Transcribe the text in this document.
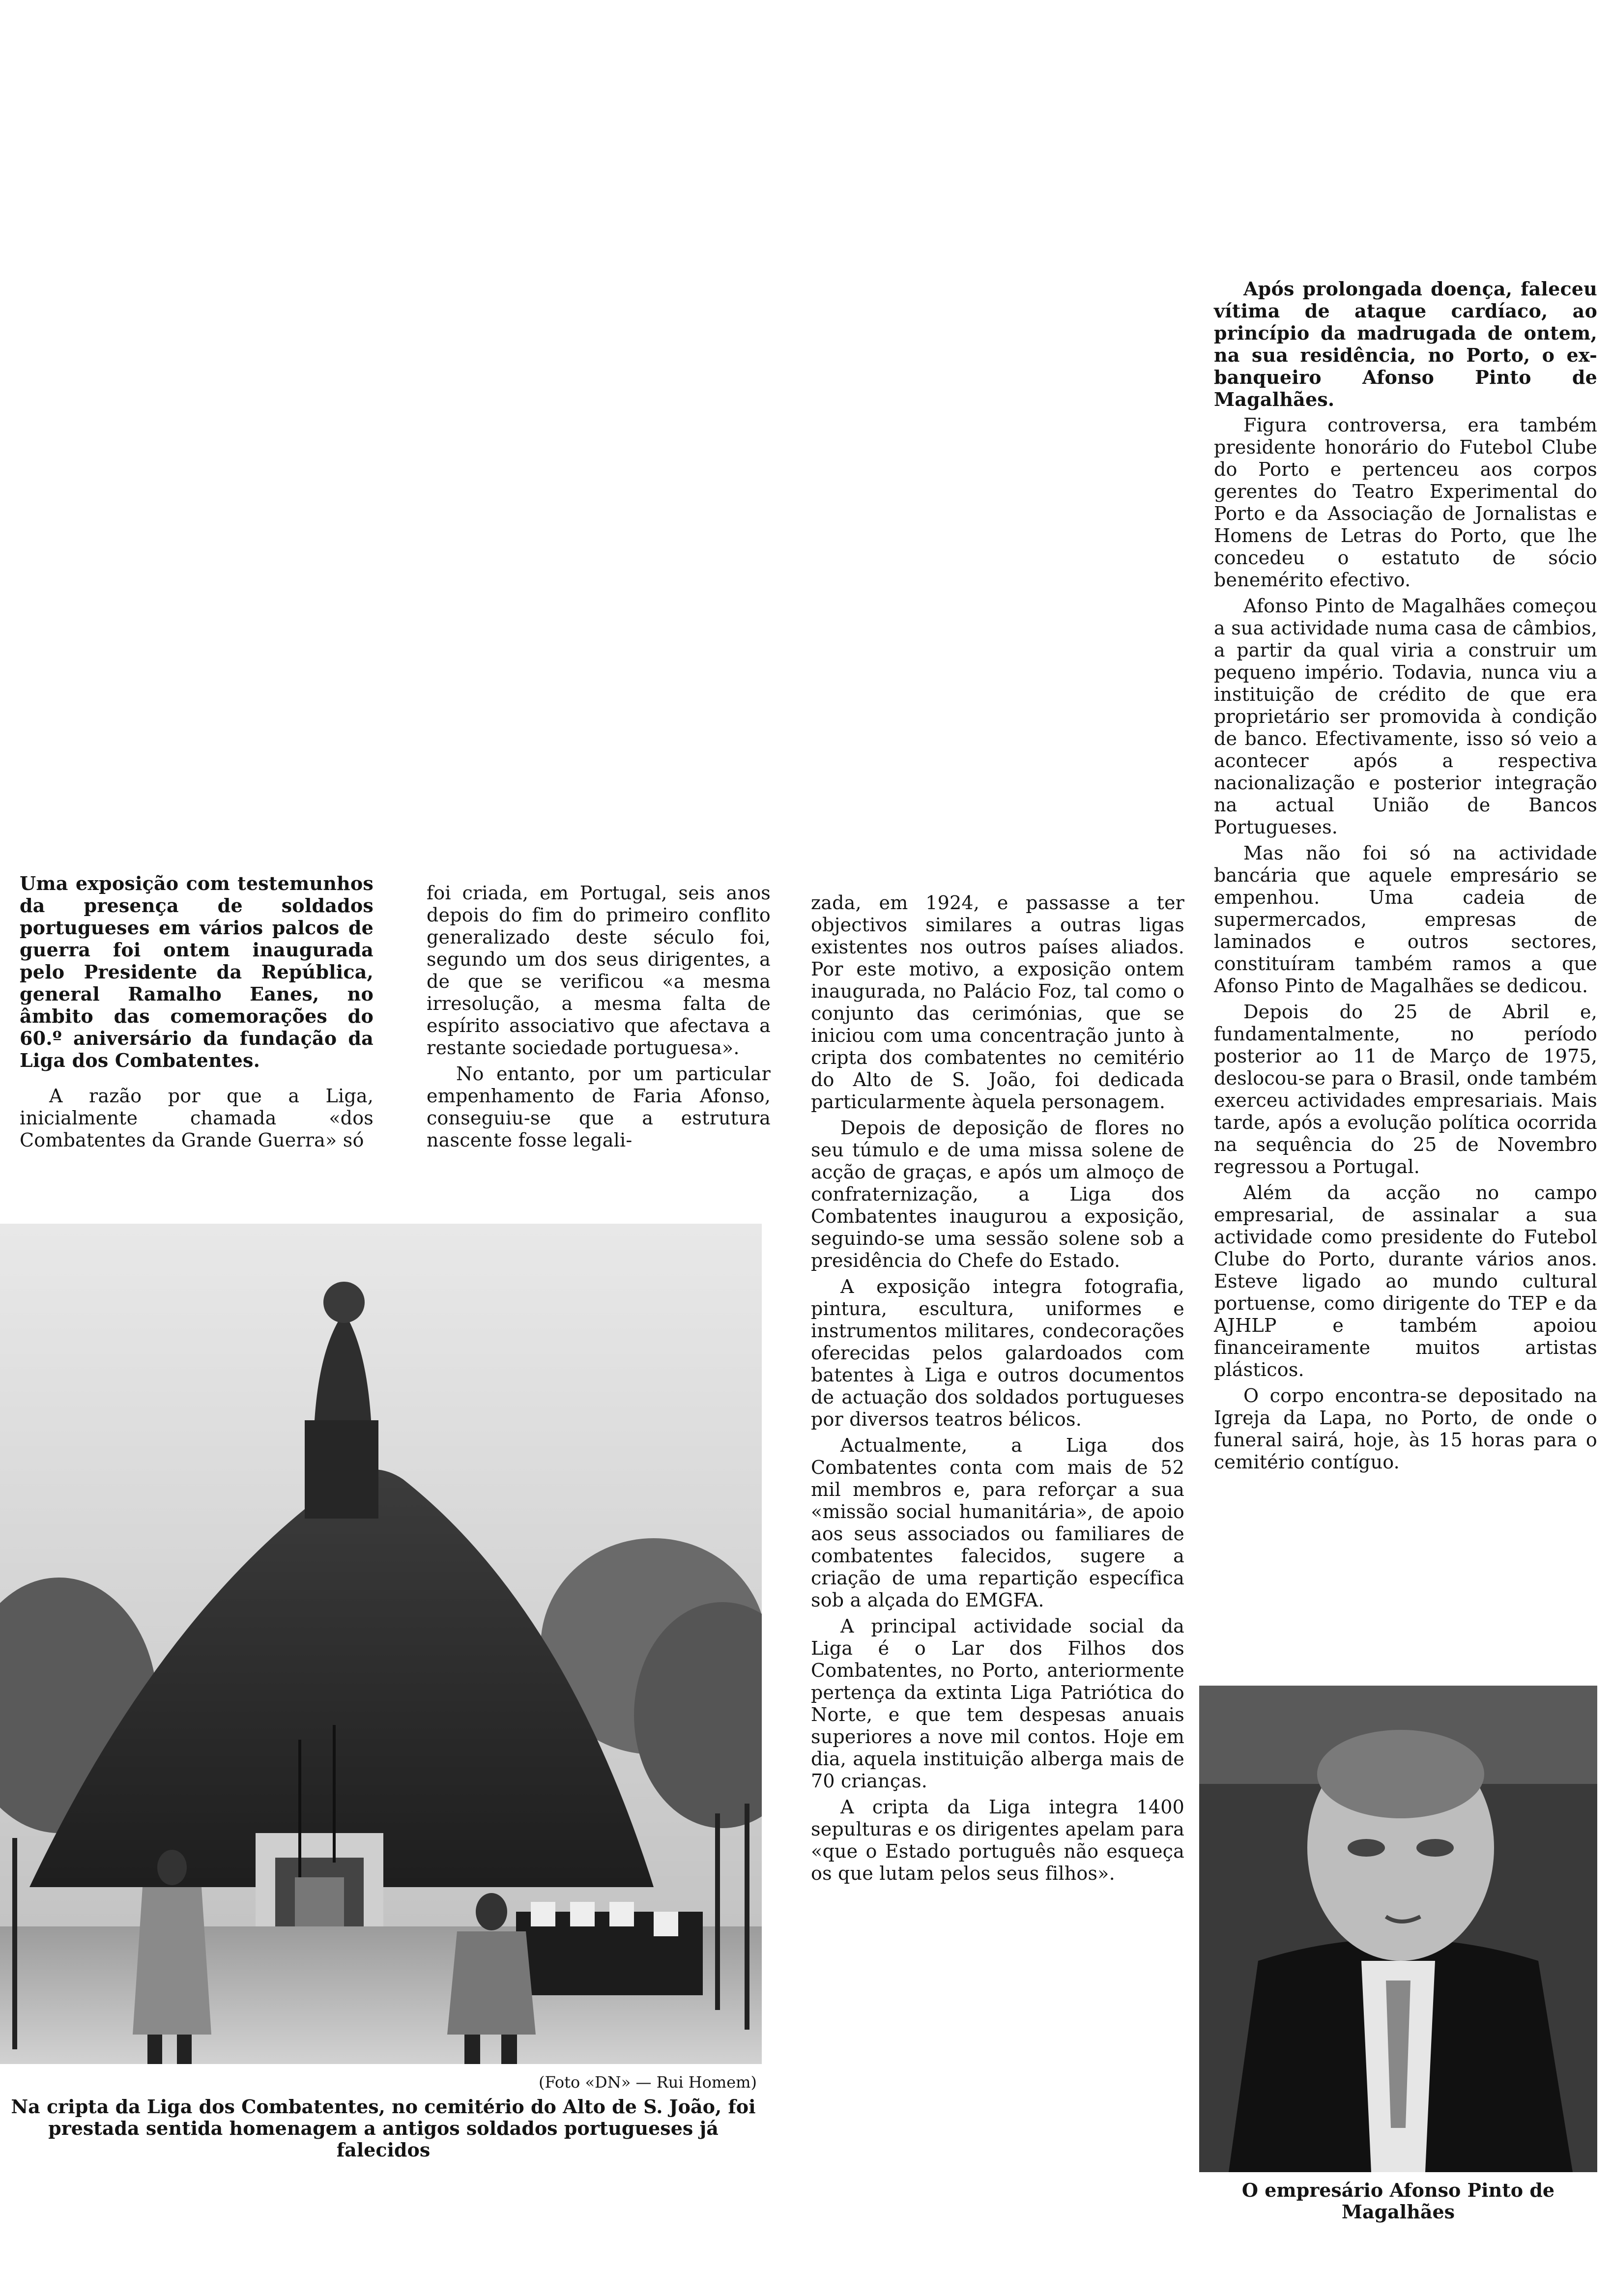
Uma exposição com testemunhos da presença de soldados portugueses em vários palcos de guerra foi ontem inaugurada pelo Presidente da República, general Ramalho Eanes, no âmbito das comemorações do 60.º aniversário da fundação da Liga dos Combatentes.

A razão por que a Liga, inicialmente chamada «dos Combatentes da Grande Guerra» só

foi criada, em Portugal, seis anos depois do fim do primeiro conflito generalizado deste século foi, segundo um dos seus dirigentes, a de que se verificou «a mesma irresolução, a mesma falta de espírito associativo que afectava a restante sociedade portuguesa».

No entanto, por um particular empenhamento de Faria Afonso, conseguiu-se que a estrutura nascente fosse legali-

(Foto «DN» — Rui Homem)
Na cripta da Liga dos Combatentes, no cemitério do Alto de S. João, foi prestada sentida homenagem a antigos soldados portugueses já falecidos

zada, em 1924, e passasse a ter objectivos similares a outras ligas existentes nos outros países aliados. Por este motivo, a exposição ontem inaugurada, no Palácio Foz, tal como o conjunto das cerimónias, que se iniciou com uma concentração junto à cripta dos combatentes no cemitério do Alto de S. João, foi dedicada particularmente àquela personagem.

Depois de deposição de flores no seu túmulo e de uma missa solene de acção de graças, e após um almoço de confraternização, a Liga dos Combatentes inaugurou a exposição, seguindo-se uma sessão solene sob a presidência do Chefe do Estado.

A exposição integra fotografia, pintura, escultura, uniformes e instrumentos militares, condecorações oferecidas pelos galardoados com batentes à Liga e outros documentos de actuação dos soldados portugueses por diversos teatros bélicos.

Actualmente, a Liga dos Combatentes conta com mais de 52 mil membros e, para reforçar a sua «missão social humanitária», de apoio aos seus associados ou familiares de combatentes falecidos, sugere a criação de uma repartição específica sob a alçada do EMGFA.

A principal actividade social da Liga é o Lar dos Filhos dos Combatentes, no Porto, anteriormente pertença da extinta Liga Patriótica do Norte, e que tem despesas anuais superiores a nove mil contos. Hoje em dia, aquela instituição alberga mais de 70 crianças.

A cripta da Liga integra 1400 sepulturas e os dirigentes apelam para «que o Estado português não esqueça os que lutam pelos seus filhos».

Após prolongada doença, faleceu vítima de ataque cardíaco, ao princípio da madrugada de ontem, na sua residência, no Porto, o ex-banqueiro Afonso Pinto de Magalhães.

Figura controversa, era também presidente honorário do Futebol Clube do Porto e pertenceu aos corpos gerentes do Teatro Experimental do Porto e da Associação de Jornalistas e Homens de Letras do Porto, que lhe concedeu o estatuto de sócio benemérito efectivo.

Afonso Pinto de Magalhães começou a sua actividade numa casa de câmbios, a partir da qual viria a construir um pequeno império. Todavia, nunca viu a instituição de crédito de que era proprietário ser promovida à condição de banco. Efectivamente, isso só veio a acontecer após a respectiva nacionalização e posterior integração na actual União de Bancos Portugueses.

Mas não foi só na actividade bancária que aquele empresário se empenhou. Uma cadeia de supermercados, empresas de laminados e outros sectores, constituíram também ramos a que Afonso Pinto de Magalhães se dedicou.

Depois do 25 de Abril e, fundamentalmente, no período posterior ao 11 de Março de 1975, deslocou-se para o Brasil, onde também exerceu actividades empresariais. Mais tarde, após a evolução política ocorrida na sequência do 25 de Novembro regressou a Portugal.

Além da acção no campo empresarial, de assinalar a sua actividade como presidente do Futebol Clube do Porto, durante vários anos. Esteve ligado ao mundo cultural portuense, como dirigente do TEP e da AJHLP e também apoiou financeiramente muitos artistas plásticos.

O corpo encontra-se depositado na Igreja da Lapa, no Porto, de onde o funeral sairá, hoje, às 15 horas para o cemitério contíguo.

O empresário Afonso Pinto de Magalhães
